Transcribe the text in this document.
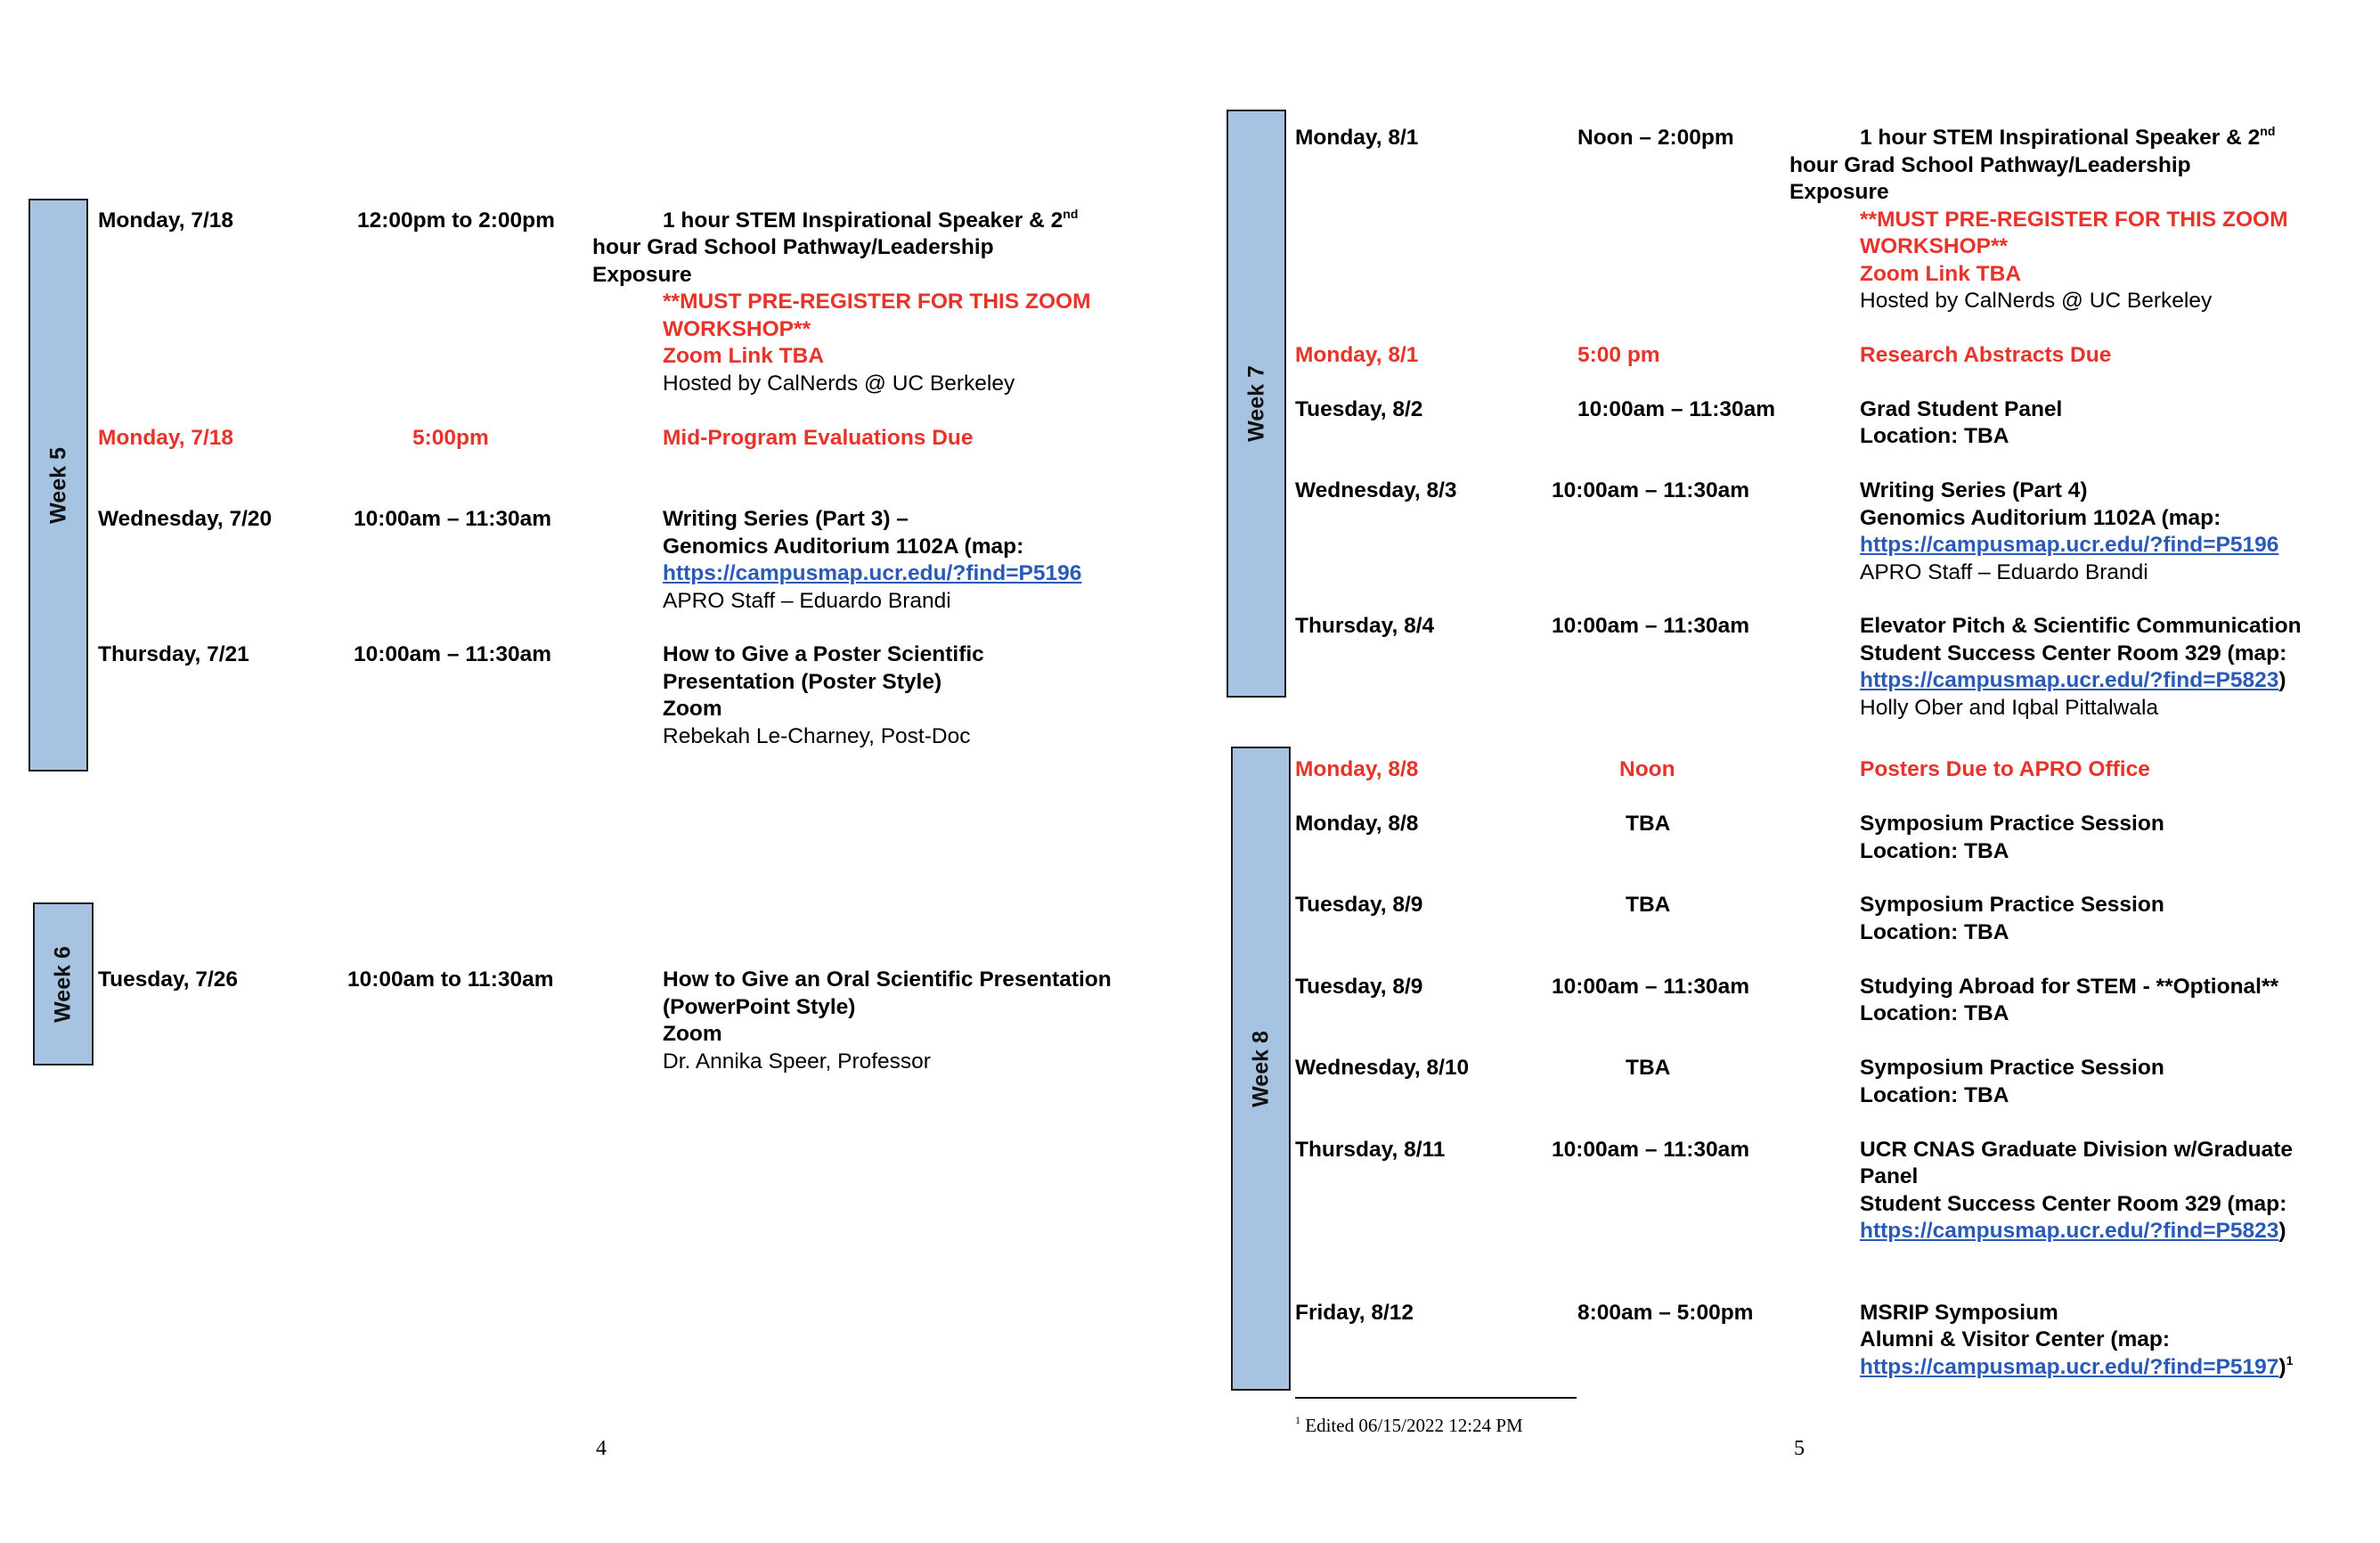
Week 5
Monday, 7/18	12:00pm to 2:00pm	1 hour STEM Inspirational Speaker & 2nd
hour Grad School Pathway/Leadership
Exposure
**MUST PRE-REGISTER FOR THIS ZOOM
WORKSHOP**
Zoom Link TBA
Hosted by CalNerds @ UC Berkeley
Monday, 7/18	5:00pm	Mid-Program Evaluations Due
Wednesday, 7/20	10:00am – 11:30am	Writing Series (Part 3) –
Genomics Auditorium 1102A (map:
https://campusmap.ucr.edu/?find=P5196
APRO Staff – Eduardo Brandi
Thursday, 7/21	10:00am – 11:30am	How to Give a Poster Scientific
Presentation (Poster Style)
Zoom
Rebekah Le-Charney, Post-Doc
Week 6 Tuesday, 7/26	10:00am to 11:30am	How to Give an Oral Scientific Presentation
(PowerPoint Style)
Zoom
Dr. Annika Speer, Professor
4
Week 7
Monday, 8/1	Noon – 2:00pm	1 hour STEM Inspirational Speaker & 2nd
hour Grad School Pathway/Leadership
Exposure
**MUST PRE-REGISTER FOR THIS ZOOM
WORKSHOP**
Zoom Link TBA
Hosted by CalNerds @ UC Berkeley
Monday, 8/1	5:00 pm	Research Abstracts Due
Tuesday, 8/2	10:00am – 11:30am	Grad Student Panel
Location: TBA
Wednesday, 8/3	10:00am – 11:30am	Writing Series (Part 4)
Genomics Auditorium 1102A (map:
https://campusmap.ucr.edu/?find=P5196
APRO Staff – Eduardo Brandi
Thursday, 8/4	10:00am – 11:30am	Elevator Pitch & Scientific Communication
Student Success Center Room 329 (map:
https://campusmap.ucr.edu/?find=P5823)
Holly Ober and Iqbal Pittalwala
Week 8
Monday, 8/8	Noon	Posters Due to APRO Office
Monday, 8/8	TBA	Symposium Practice Session
Location: TBA
Tuesday, 8/9	TBA	Symposium Practice Session
Location: TBA
Tuesday, 8/9	10:00am – 11:30am	Studying Abroad for STEM - **Optional**
Location: TBA
Wednesday, 8/10	TBA	Symposium Practice Session
Location: TBA
Thursday, 8/11	10:00am – 11:30am	UCR CNAS Graduate Division w/Graduate
Panel
Student Success Center Room 329 (map:
https://campusmap.ucr.edu/?find=P5823)
Friday, 8/12	8:00am – 5:00pm	MSRIP Symposium
Alumni & Visitor Center (map:
https://campusmap.ucr.edu/?find=P5197)$^1$
$^1$ Edited 06/15/2022 12:24 PM
5
